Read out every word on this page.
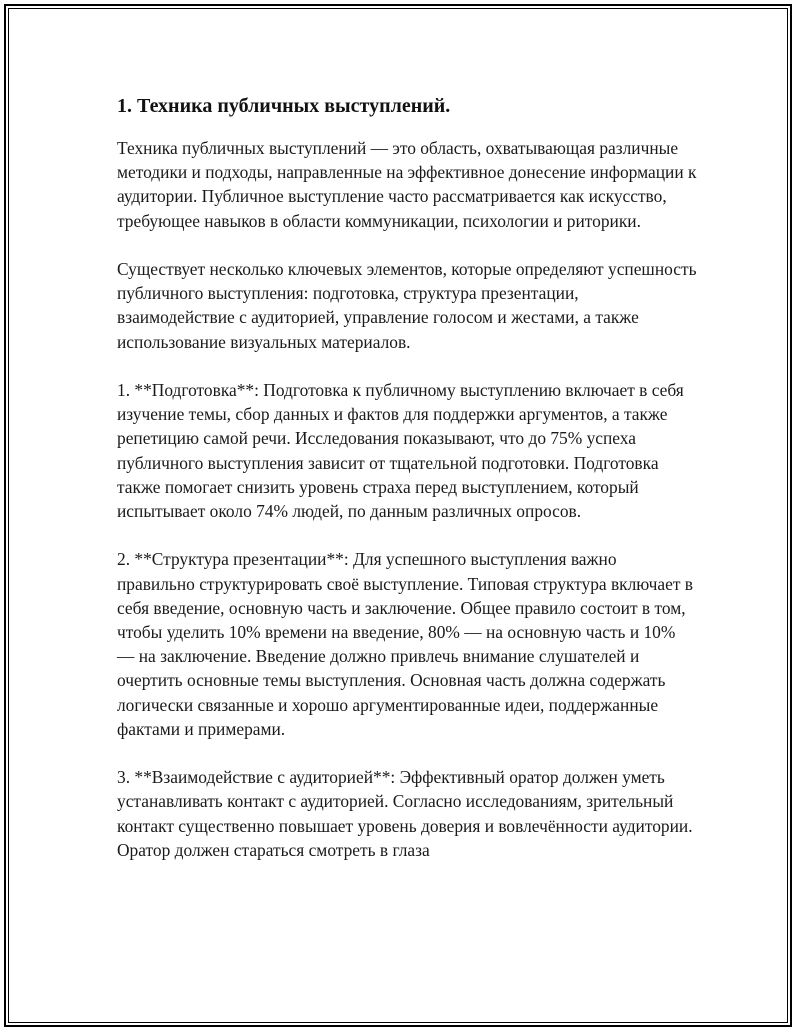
1. Техника публичных выступлений.

Техника публичных выступлений — это область, охватывающая различные методики и подходы, направленные на эффективное донесение информации к аудитории. Публичное выступление часто рассматривается как искусство, требующее навыков в области коммуникации, психологии и риторики.

Существует несколько ключевых элементов, которые определяют успешность публичного выступления: подготовка, структура презентации, взаимодействие с аудиторией, управление голосом и жестами, а также использование визуальных материалов.

1. **Подготовка**: Подготовка к публичному выступлению включает в себя изучение темы, сбор данных и фактов для поддержки аргументов, а также репетицию самой речи. Исследования показывают, что до 75% успеха публичного выступления зависит от тщательной подготовки. Подготовка также помогает снизить уровень страха перед выступлением, который испытывает около 74% людей, по данным различных опросов.

2. **Структура презентации**: Для успешного выступления важно правильно структурировать своё выступление. Типовая структура включает в себя введение, основную часть и заключение. Общее правило состоит в том, чтобы уделить 10% времени на введение, 80% — на основную часть и 10% — на заключение. Введение должно привлечь внимание слушателей и очертить основные темы выступления. Основная часть должна содержать логически связанные и хорошо аргументированные идеи, поддержанные фактами и примерами.

3. **Взаимодействие с аудиторией**: Эффективный оратор должен уметь устанавливать контакт с аудиторией. Согласно исследованиям, зрительный контакт существенно повышает уровень доверия и вовлечённости аудитории. Оратор должен стараться смотреть в глаза
